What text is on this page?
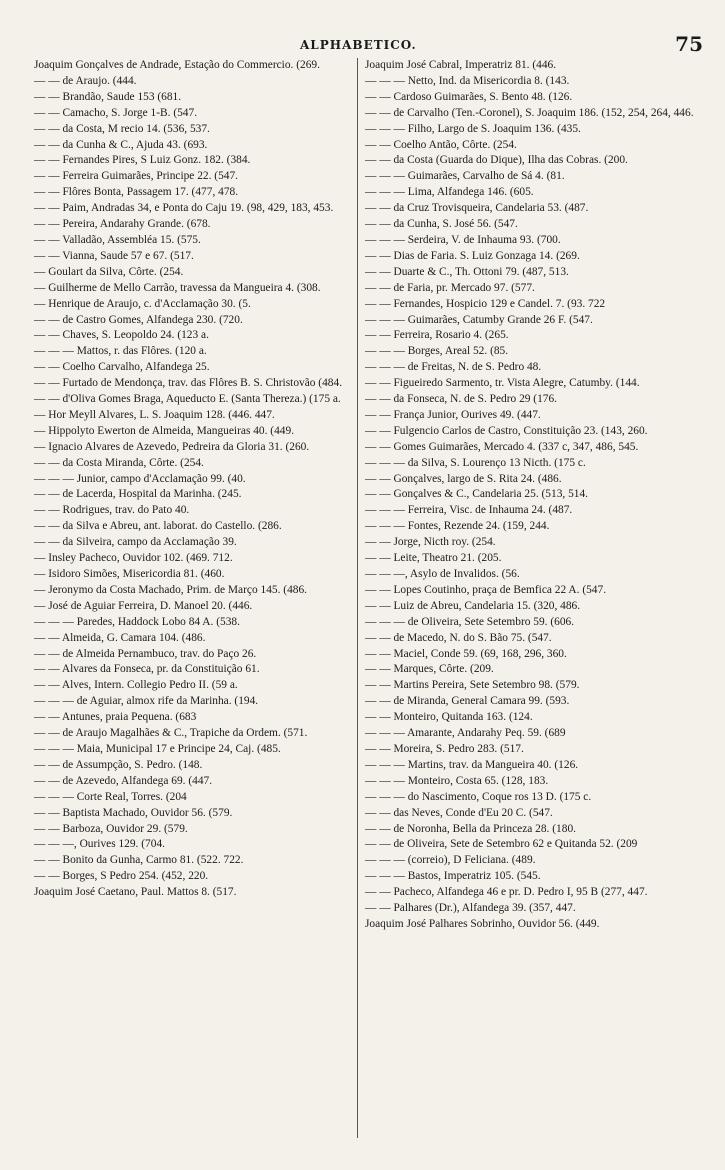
ALPHABETICO.	75

Joaquim Gonçalves de Andrade, Estação do Commercio. (269.

— — de Araujo. (444.

— — Brandão, Saude 153 (681.

— — Camacho, S. Jorge 1-B. (547.

— — da Costa, M recio 14. (536, 537.

— — da Cunha & C., Ajuda 43. (693.

— — Fernandes Pires, S Luiz Gonz. 182. (384.

— — Ferreira Guimarães, Principe 22. (547.

— — Flôres Bonta, Passagem 17. (477, 478.

— — Paim, Andradas 34, e Ponta do Caju 19. (98, 429, 183, 453.

— — Pereira, Andarahy Grande. (678.

— — Valladão, Assembléa 15. (575.

— — Vianna, Saude 57 e 67. (517.

— Goulart da Silva, Côrte. (254.

— Guilherme de Mello Carrão, travessa da Mangueira 4. (308.

— Henrique de Araujo, c. d'Acclamação 30. (5.

— — de Castro Gomes, Alfandega 230. (720.

— — Chaves, S. Leopoldo 24. (123 a.

— — — Mattos, r. das Flôres. (120 a.

— — Coelho Carvalho, Alfandega 25.

— — Furtado de Mendonça, trav. das Flôres B. S. Christovão (484.

— — d'Oliva Gomes Braga, Aqueducto E. (Santa Thereza.) (175 a.

— Hor Meyll Alvares, L. S. Joaquim 128. (446. 447.

— Hippolyto Ewerton de Almeida, Mangueiras 40. (449.

— Ignacio Alvares de Azevedo, Pedreira da Gloria 31. (260.

— — da Costa Miranda, Côrte. (254.

— — — Junior, campo d'Acclamação 99. (40.

— — de Lacerda, Hospital da Marinha. (245.

— — Rodrigues, trav. do Pato 40.

— — da Silva e Abreu, ant. laborat. do Castello. (286.

— — da Silveira, campo da Acclamação 39.

— Insley Pacheco, Ouvidor 102. (469. 712.

— Isidoro Simões, Misericordia 81. (460.

— Jeronymo da Costa Machado, Prim. de Março 145. (486.

— José de Aguiar Ferreira, D. Manoel 20. (446.

— — — Paredes, Haddock Lobo 84 A. (538.

— — Almeida, G. Camara 104. (486.

— — de Almeida Pernambuco, trav. do Paço 26.

— — Alvares da Fonseca, pr. da Constituição 61.

— — Alves, Intern. Collegio Pedro II. (59 a.

— — — de Aguiar, almox rife da Marinha. (194.

— — Antunes, praia Pequena. (683

— — de Araujo Magalhães & C., Trapiche da Ordem. (571.

— — — Maia, Municipal 17 e Principe 24, Caj. (485.

— — de Assumpção, S. Pedro. (148.

— — de Azevedo, Alfandega 69. (447.

— — — Corte Real, Torres. (204

— — Baptista Machado, Ouvidor 56. (579.

— — Barboza, Ouvidor 29. (579.

— — —, Ourives 129. (704.

— — Bonito da Gunha, Carmo 81. (522. 722.

— — Borges, S Pedro 254. (452, 220.

Joaquim José Caetano, Paul. Mattos 8. (517.

Joaquim José Cabral, Imperatriz 81. (446.

— — — Netto, Ind. da Misericordia 8. (143.

— — Cardoso Guimarães, S. Bento 48. (126.

— — de Carvalho (Ten.-Coronel), S. Joaquim 186. (152, 254, 264, 446.

— — — Filho, Largo de S. Joaquim 136. (435.

— — Coelho Antão, Côrte. (254.

— — da Costa (Guarda do Dique), Ilha das Cobras. (200.

— — — Guimarães, Carvalho de Sá 4. (81.

— — — Lima, Alfandega 146. (605.

— — da Cruz Trovisqueira, Candelaria 53. (487.

— — da Cunha, S. José 56. (547.

— — — Serdeira, V. de Inhauma 93. (700.

— — Dias de Faria. S. Luiz Gonzaga 14. (269.

— — Duarte & C., Th. Ottoni 79. (487, 513.

— — de Faria, pr. Mercado 97. (577.

— — Fernandes, Hospicio 129 e Candel. 7. (93. 722

— — — Guimarães, Catumby Grande 26 F. (547.

— — Ferreira, Rosario 4. (265.

— — — Borges, Areal 52. (85.

— — — de Freitas, N. de S. Pedro 48.

— — Figueiredo Sarmento, tr. Vista Alegre, Catumby. (144.

— — da Fonseca, N. de S. Pedro 29 (176.

— — França Junior, Ourives 49. (447.

— — Fulgencio Carlos de Castro, Constituição 23. (143, 260.

— — Gomes Guimarães, Mercado 4. (337 c, 347, 486, 545.

— — — da Silva, S. Lourenço 13 Nicth. (175 c.

— — Gonçalves, largo de S. Rita 24. (486.

— — Gonçalves & C., Candelaria 25. (513, 514.

— — — Ferreira, Visc. de Inhauma 24. (487.

— — — Fontes, Rezende 24. (159, 244.

— — Jorge, Nicth roy. (254.

— — Leite, Theatro 21. (205.

— — —, Asylo de Invalidos. (56.

— — Lopes Coutinho, praça de Bemfica 22 A. (547.

— — Luiz de Abreu, Candelaria 15. (320, 486.

— — — de Oliveira, Sete Setembro 59. (606.

— — de Macedo, N. do S. Bão 75. (547.

— — Maciel, Conde 59. (69, 168, 296, 360.

— — Marques, Côrte. (209.

— — Martins Pereira, Sete Setembro 98. (579.

— — de Miranda, General Camara 99. (593.

— — Monteiro, Quitanda 163. (124.

— — — Amarante, Andarahy Peq. 59. (689

— — Moreira, S. Pedro 283. (517.

— — — Martins, trav. da Mangueira 40. (126.

— — — Monteiro, Costa 65. (128, 183.

— — — do Nascimento, Coque ros 13 D. (175 c.

— — das Neves, Conde d'Eu 20 C. (547.

— — de Noronha, Bella da Princeza 28. (180.

— — de Oliveira, Sete de Setembro 62 e Quitanda 52. (209

— — — (correio), D Feliciana. (489.

— — — Bastos, Imperatriz 105. (545.

— — Pacheco, Alfandega 46 e pr. D. Pedro I, 95 B (277, 447.

— — Palhares (Dr.), Alfandega 39. (357, 447.

Joaquim José Palhares Sobrinho, Ouvidor 56. (449.
